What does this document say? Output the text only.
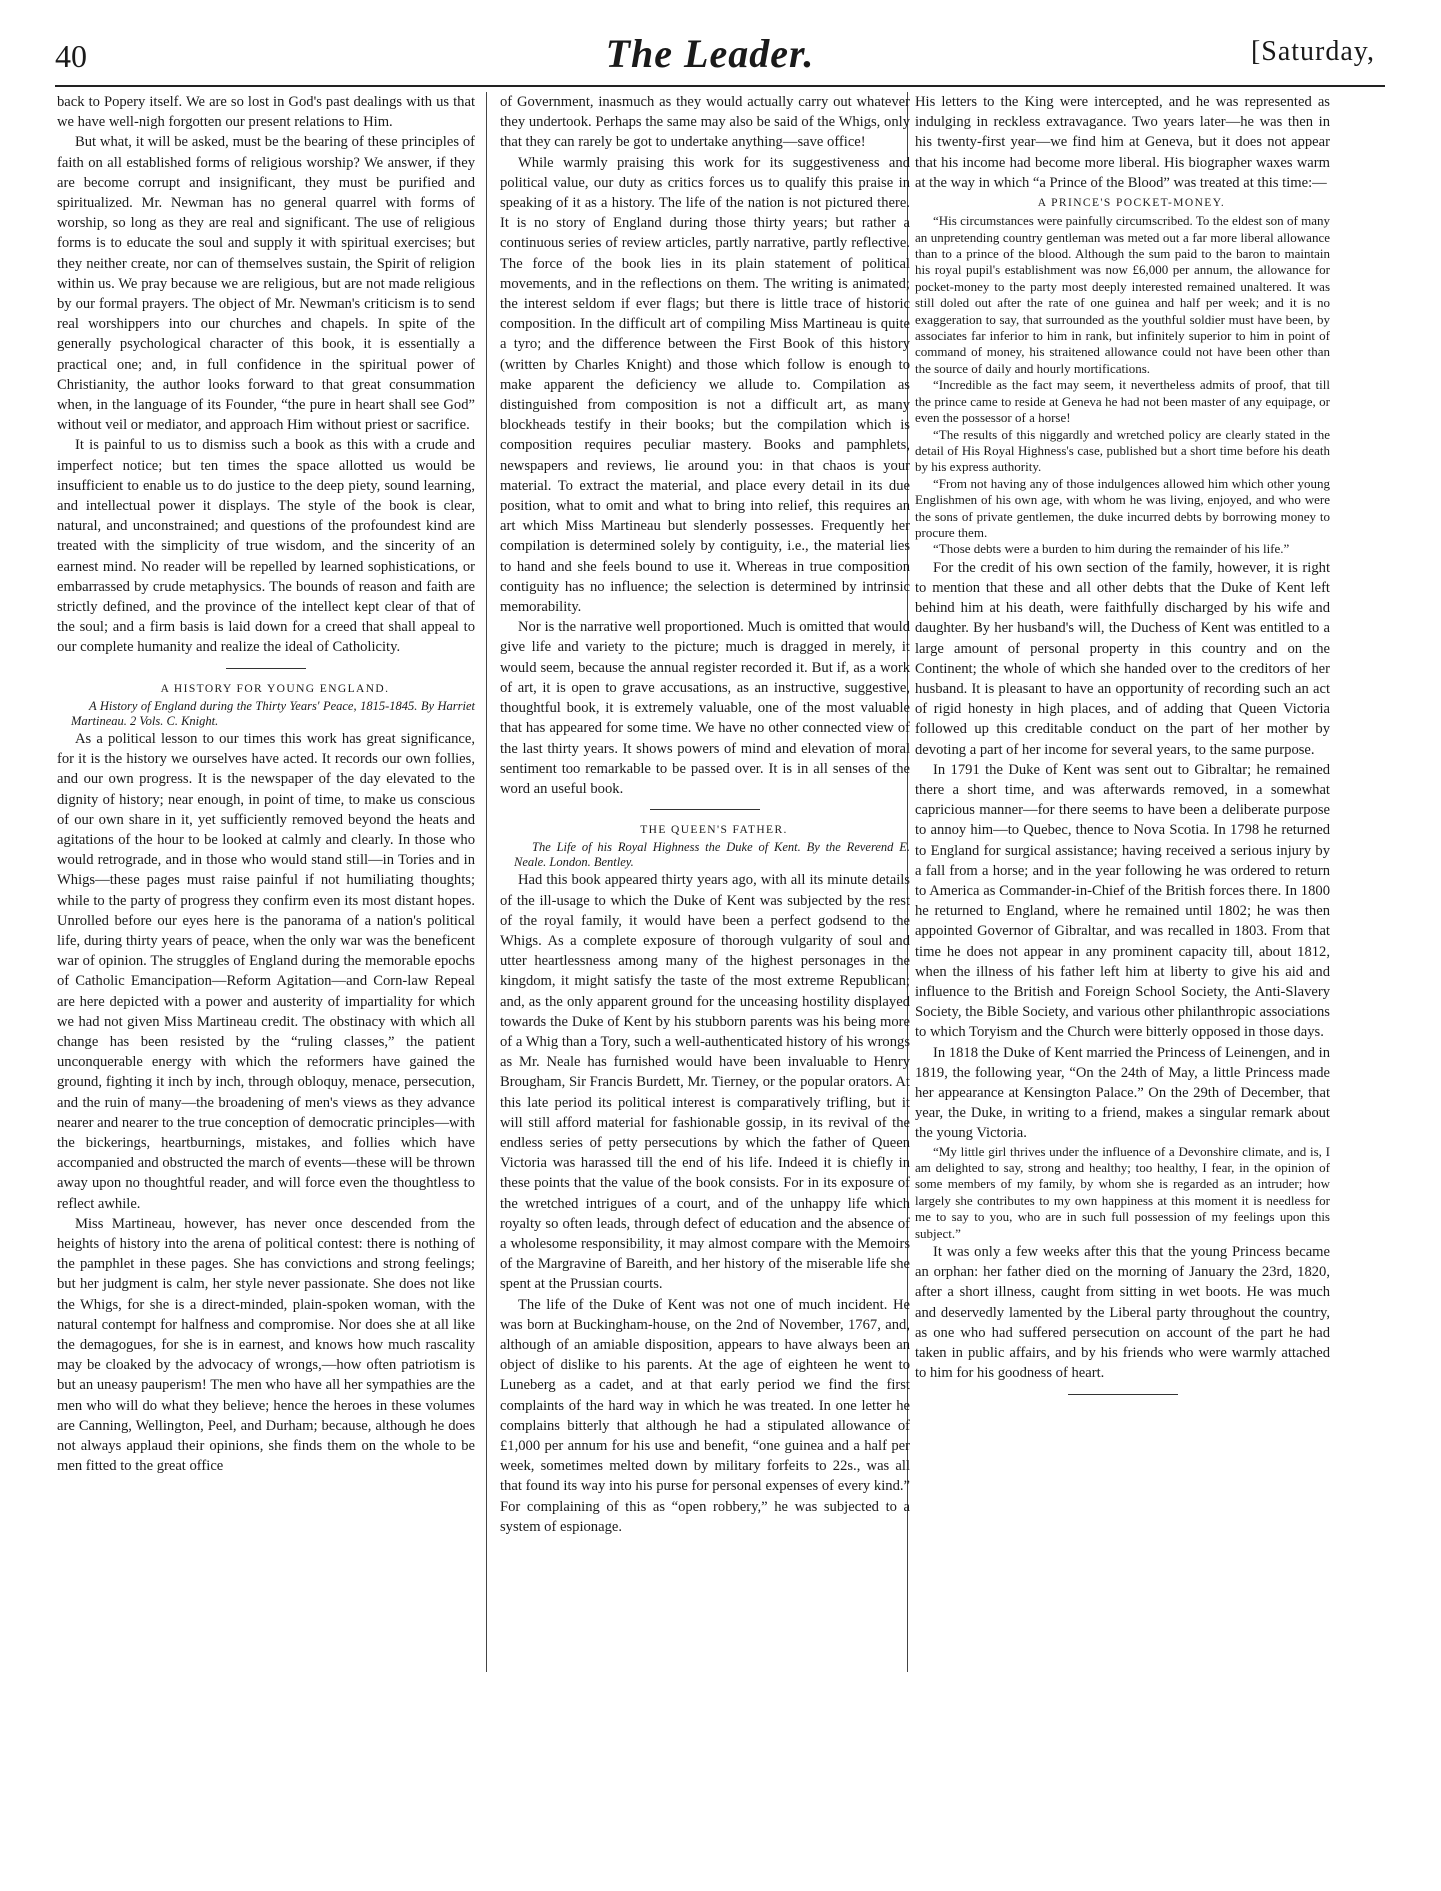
40	The Leader.	[Saturday,

back to Popery itself. We are so lost in God's past dealings with us that we have well-nigh forgotten our present relations to Him.

But what, it will be asked, must be the bearing of these principles of faith on all established forms of religious worship? We answer, if they are become corrupt and insignificant, they must be purified and spiritualized. Mr. Newman has no general quarrel with forms of worship, so long as they are real and significant. The use of religious forms is to educate the soul and supply it with spiritual exercises; but they neither create, nor can of themselves sustain, the Spirit of religion within us. We pray because we are religious, but are not made religious by our formal prayers. The object of Mr. Newman's criticism is to send real worshippers into our churches and chapels. In spite of the generally psychological character of this book, it is essentially a practical one; and, in full confidence in the spiritual power of Christianity, the author looks forward to that great consummation when, in the language of its Founder, “the pure in heart shall see God” without veil or mediator, and approach Him without priest or sacrifice.

It is painful to us to dismiss such a book as this with a crude and imperfect notice; but ten times the space allotted us would be insufficient to enable us to do justice to the deep piety, sound learning, and intellectual power it displays. The style of the book is clear, natural, and unconstrained; and questions of the profoundest kind are treated with the simplicity of true wisdom, and the sincerity of an earnest mind. No reader will be repelled by learned sophistications, or embarrassed by crude metaphysics. The bounds of reason and faith are strictly defined, and the province of the intellect kept clear of that of the soul; and a firm basis is laid down for a creed that shall appeal to our complete humanity and realize the ideal of Catholicity.

A HISTORY FOR YOUNG ENGLAND.

A History of England during the Thirty Years' Peace, 1815-1845. By Harriet Martineau. 2 Vols. C. Knight.

As a political lesson to our times this work has great significance, for it is the history we ourselves have acted. It records our own follies, and our own progress. It is the newspaper of the day elevated to the dignity of history; near enough, in point of time, to make us conscious of our own share in it, yet sufficiently removed beyond the heats and agitations of the hour to be looked at calmly and clearly. In those who would retrograde, and in those who would stand still—in Tories and in Whigs—these pages must raise painful if not humiliating thoughts; while to the party of progress they confirm even its most distant hopes. Unrolled before our eyes here is the panorama of a nation's political life, during thirty years of peace, when the only war was the beneficent war of opinion. The struggles of England during the memorable epochs of Catholic Emancipation—Reform Agitation—and Corn-law Repeal are here depicted with a power and austerity of impartiality for which we had not given Miss Martineau credit. The obstinacy with which all change has been resisted by the “ruling classes,” the patient unconquerable energy with which the reformers have gained the ground, fighting it inch by inch, through obloquy, menace, persecution, and the ruin of many—the broadening of men's views as they advance nearer and nearer to the true conception of democratic principles—with the bickerings, heartburnings, mistakes, and follies which have accompanied and obstructed the march of events—these will be thrown away upon no thoughtful reader, and will force even the thoughtless to reflect awhile.

Miss Martineau, however, has never once descended from the heights of history into the arena of political contest: there is nothing of the pamphlet in these pages. She has convictions and strong feelings; but her judgment is calm, her style never passionate. She does not like the Whigs, for she is a direct-minded, plain-spoken woman, with the natural contempt for halfness and compromise. Nor does she at all like the demagogues, for she is in earnest, and knows how much rascality may be cloaked by the advocacy of wrongs,—how often patriotism is but an uneasy pauperism! The men who have all her sympathies are the men who will do what they believe; hence the heroes in these volumes are Canning, Wellington, Peel, and Durham; because, although he does not always applaud their opinions, she finds them on the whole to be men fitted to the great office

of Government, inasmuch as they would actually carry out whatever they undertook. Perhaps the same may also be said of the Whigs, only that they can rarely be got to undertake anything—save office!

While warmly praising this work for its suggestiveness and political value, our duty as critics forces us to qualify this praise in speaking of it as a history. The life of the nation is not pictured there. It is no story of England during those thirty years; but rather a continuous series of review articles, partly narrative, partly reflective. The force of the book lies in its plain statement of political movements, and in the reflections on them. The writing is animated; the interest seldom if ever flags; but there is little trace of historic composition. In the difficult art of compiling Miss Martineau is quite a tyro; and the difference between the First Book of this history (written by Charles Knight) and those which follow is enough to make apparent the deficiency we allude to. Compilation as distinguished from composition is not a difficult art, as many blockheads testify in their books; but the compilation which is composition requires peculiar mastery. Books and pamphlets, newspapers and reviews, lie around you: in that chaos is your material. To extract the material, and place every detail in its due position, what to omit and what to bring into relief, this requires an art which Miss Martineau but slenderly possesses. Frequently her compilation is determined solely by contiguity, i.e., the material lies to hand and she feels bound to use it. Whereas in true composition contiguity has no influence; the selection is determined by intrinsic memorability.

Nor is the narrative well proportioned. Much is omitted that would give life and variety to the picture; much is dragged in merely, it would seem, because the annual register recorded it. But if, as a work of art, it is open to grave accusations, as an instructive, suggestive, thoughtful book, it is extremely valuable, one of the most valuable that has appeared for some time. We have no other connected view of the last thirty years. It shows powers of mind and elevation of moral sentiment too remarkable to be passed over. It is in all senses of the word an useful book.

THE QUEEN'S FATHER.

The Life of his Royal Highness the Duke of Kent. By the Reverend E. Neale. London. Bentley.

Had this book appeared thirty years ago, with all its minute details of the ill-usage to which the Duke of Kent was subjected by the rest of the royal family, it would have been a perfect godsend to the Whigs. As a complete exposure of thorough vulgarity of soul and utter heartlessness among many of the highest personages in the kingdom, it might satisfy the taste of the most extreme Republican; and, as the only apparent ground for the unceasing hostility displayed towards the Duke of Kent by his stubborn parents was his being more of a Whig than a Tory, such a well-authenticated history of his wrongs as Mr. Neale has furnished would have been invaluable to Henry Brougham, Sir Francis Burdett, Mr. Tierney, or the popular orators. At this late period its political interest is comparatively trifling, but it will still afford material for fashionable gossip, in its revival of the endless series of petty persecutions by which the father of Queen Victoria was harassed till the end of his life. Indeed it is chiefly in these points that the value of the book consists. For in its exposure of the wretched intrigues of a court, and of the unhappy life which royalty so often leads, through defect of education and the absence of a wholesome responsibility, it may almost compare with the Memoirs of the Margravine of Bareith, and her history of the miserable life she spent at the Prussian courts.

The life of the Duke of Kent was not one of much incident. He was born at Buckingham-house, on the 2nd of November, 1767, and, although of an amiable disposition, appears to have always been an object of dislike to his parents. At the age of eighteen he went to Luneberg as a cadet, and at that early period we find the first complaints of the hard way in which he was treated. In one letter he complains bitterly that although he had a stipulated allowance of £1,000 per annum for his use and benefit, “one guinea and a half per week, sometimes melted down by military forfeits to 22s., was all that found its way into his purse for personal expenses of every kind.” For complaining of this as “open robbery,” he was subjected to a system of espionage.

His letters to the King were intercepted, and he was represented as indulging in reckless extravagance. Two years later—he was then in his twenty-first year—we find him at Geneva, but it does not appear that his income had become more liberal. His biographer waxes warm at the way in which “a Prince of the Blood” was treated at this time:—

A PRINCE'S POCKET-MONEY.

“His circumstances were painfully circumscribed. To the eldest son of many an unpretending country gentleman was meted out a far more liberal allowance than to a prince of the blood. Although the sum paid to the baron to maintain his royal pupil's establishment was now £6,000 per annum, the allowance for pocket-money to the party most deeply interested remained unaltered. It was still doled out after the rate of one guinea and half per week; and it is no exaggeration to say, that surrounded as the youthful soldier must have been, by associates far inferior to him in rank, but infinitely superior to him in point of command of money, his straitened allowance could not have been other than the source of daily and hourly mortifications.

“Incredible as the fact may seem, it nevertheless admits of proof, that till the prince came to reside at Geneva he had not been master of any equipage, or even the possessor of a horse!

“The results of this niggardly and wretched policy are clearly stated in the detail of His Royal Highness's case, published but a short time before his death by his express authority.

“From not having any of those indulgences allowed him which other young Englishmen of his own age, with whom he was living, enjoyed, and who were the sons of private gentlemen, the duke incurred debts by borrowing money to procure them.

“Those debts were a burden to him during the remainder of his life.”

For the credit of his own section of the family, however, it is right to mention that these and all other debts that the Duke of Kent left behind him at his death, were faithfully discharged by his wife and daughter. By her husband's will, the Duchess of Kent was entitled to a large amount of personal property in this country and on the Continent; the whole of which she handed over to the creditors of her husband. It is pleasant to have an opportunity of recording such an act of rigid honesty in high places, and of adding that Queen Victoria followed up this creditable conduct on the part of her mother by devoting a part of her income for several years, to the same purpose.

In 1791 the Duke of Kent was sent out to Gibraltar; he remained there a short time, and was afterwards removed, in a somewhat capricious manner—for there seems to have been a deliberate purpose to annoy him—to Quebec, thence to Nova Scotia. In 1798 he returned to England for surgical assistance; having received a serious injury by a fall from a horse; and in the year following he was ordered to return to America as Commander-in-Chief of the British forces there. In 1800 he returned to England, where he remained until 1802; he was then appointed Governor of Gibraltar, and was recalled in 1803. From that time he does not appear in any prominent capacity till, about 1812, when the illness of his father left him at liberty to give his aid and influence to the British and Foreign School Society, the Anti-Slavery Society, the Bible Society, and various other philanthropic associations to which Toryism and the Church were bitterly opposed in those days.

In 1818 the Duke of Kent married the Princess of Leinengen, and in 1819, the following year, “On the 24th of May, a little Princess made her appearance at Kensington Palace.” On the 29th of December, that year, the Duke, in writing to a friend, makes a singular remark about the young Victoria.

“My little girl thrives under the influence of a Devonshire climate, and is, I am delighted to say, strong and healthy; too healthy, I fear, in the opinion of some members of my family, by whom she is regarded as an intruder; how largely she contributes to my own happiness at this moment it is needless for me to say to you, who are in such full possession of my feelings upon this subject.”

It was only a few weeks after this that the young Princess became an orphan: her father died on the morning of January the 23rd, 1820, after a short illness, caught from sitting in wet boots. He was much and deservedly lamented by the Liberal party throughout the country, as one who had suffered persecution on account of the part he had taken in public affairs, and by his friends who were warmly attached to him for his goodness of heart.
